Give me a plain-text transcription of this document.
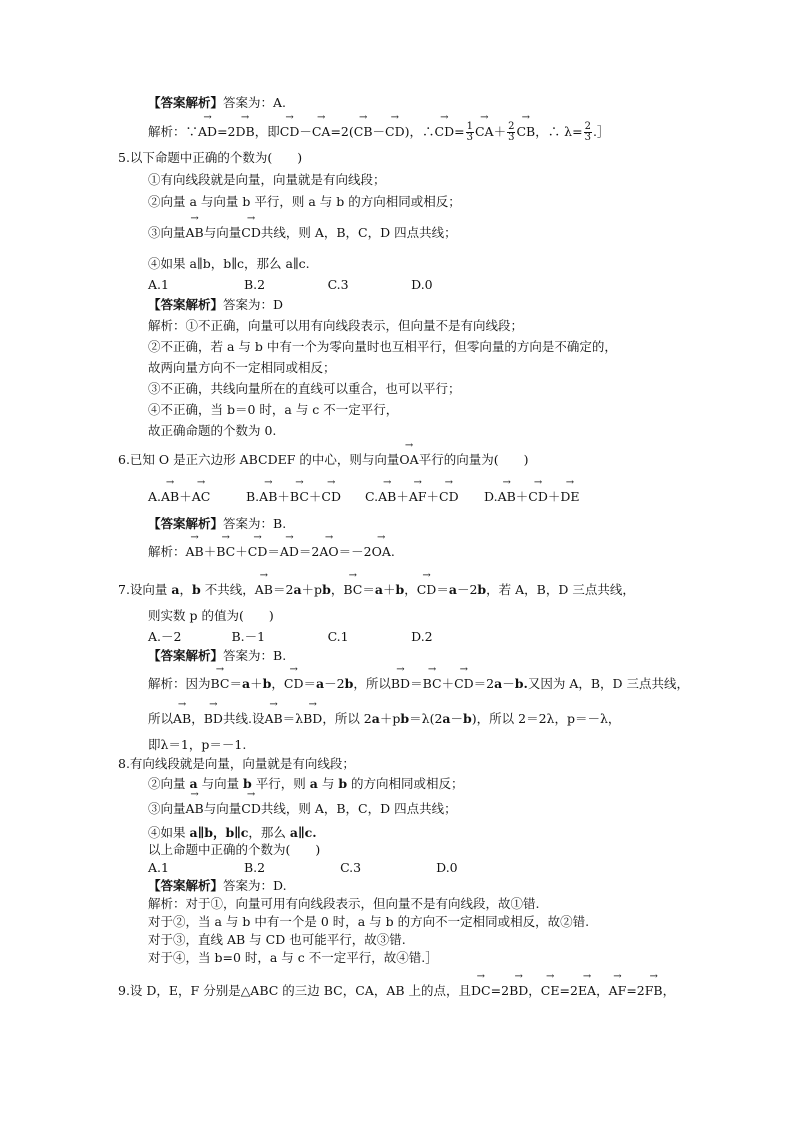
【答案解析】答案为：A.
解析：∵→ AD=2→ DB，即→ CD－→ CA=2(→ CB－→ CD)，∴→ $CD= \frac{1}{3}$
→ $CA+ \frac{2}{3}$
→ CB，∴ $\lambda= \frac{2}{3}$ .］
5.以下命题中正确的个数为(　　)
①有向线段就是向量，向量就是有向线段；
②向量 a 与向量 b 平行，则 a 与 b 的方向相同或相反；
③向量→ AB与向量→ CD共线，则 A，B，C，D 四点共线；
④如果 a∥b，b∥c，那么 a∥c.
A.1　　　　　　B.2　　　　　C.3　　　　　D.0
【答案解析】答案为：D
解析：①不正确，向量可以用有向线段表示，但向量不是有向线段；
②不正确，若 a 与 b 中有一个为零向量时也互相平行，但零向量的方向是不确定的，
故两向量方向不一定相同或相反；
③不正确，共线向量所在的直线可以重合，也可以平行；
④不正确，当 b＝0 时，a 与 c 不一定平行，
故正确命题的个数为 0.
6.已知 O 是正六边形 ABCDEF 的中心，则与向量→ OA平行的向量为(　　)
A.→ AB＋→ AC	B.→ AB＋→ BC＋→ CD C.→ AB＋→ AF＋→ CD D.→ AB＋→ CD＋→ DE
【答案解析】答案为：B.
解析：→ AB＋→ BC＋→ CD＝→ AD＝2→ AO＝－2→ OA.
7.设向量 a，b 不共线，→ AB＝2a＋pb，→ BC＝a＋b，→ CD＝a－2b，若 A，B，D 三点共线，
则实数 p 的值为(　　)
A.－2　　　　B.－1　　　　　C.1　　　　　D.2
【答案解析】答案为：B.
解析：因为→ BC＝a＋b，→ CD＝a－2b，所以→ BD＝→ BC＋→ CD＝2a－b.又因为 A，B，D 三点共线，
所以→ AB，→ BD共线.设→ AB＝λ→ BD，所以 2a＋pb＝λ(2a－b)，所以 2＝2λ，p＝－λ，
即λ＝1，p＝－1.
8.有向线段就是向量，向量就是有向线段；
②向量 a 与向量 b 平行，则 a 与 b 的方向相同或相反；
③向量→ AB与向量→ CD共线，则 A，B，C，D 四点共线；
④如果 a∥b，b∥c，那么 a∥c.
以上命题中正确的个数为(　　)
A.1　　　　　　B.2　　　　　　C.3　　　　　　D.0
【答案解析】答案为：D.
解析：对于①，向量可用有向线段表示，但向量不是有向线段，故①错.
对于②，当 a 与 b 中有一个是 0 时，a 与 b 的方向不一定相同或相反，故②错.
对于③，直线 AB 与 CD 也可能平行，故③错.
对于④，当 b=0 时，a 与 c 不一定平行，故④错.］
9.设 D，E，F 分别是△ABC 的三边 BC，CA，AB 上的点，且→ DC=2→ BD，→ CE=2→ EA，→ AF=2→ FB，
